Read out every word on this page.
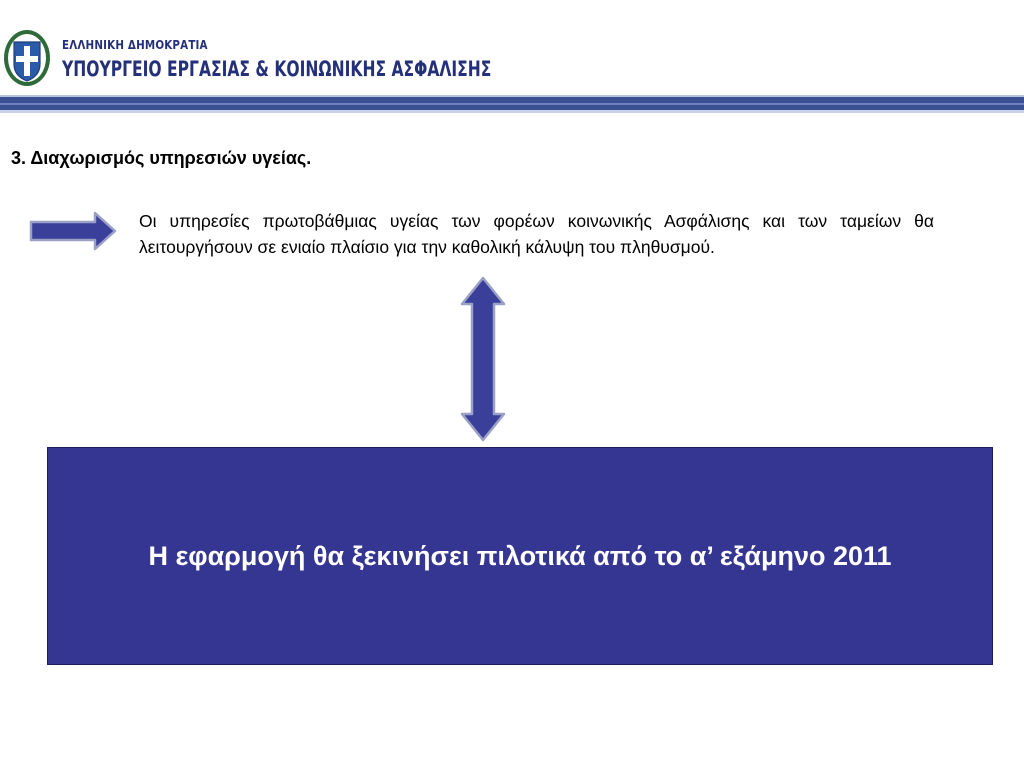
ΕΛΛΗΝΙΚΗ ΔΗΜΟΚΡΑΤΙΑ
ΥΠΟΥΡΓΕΙΟ ΕΡΓΑΣΙΑΣ & ΚΟΙΝΩΝΙΚΗΣ ΑΣΦΑΛΙΣΗΣ
3. Διαχωρισμός υπηρεσιών υγείας.
Οι υπηρεσίες πρωτοβάθμιας υγείας των φορέων κοινωνικής Ασφάλισης και των ταμείων θα λειτουργήσουν σε ενιαίο πλαίσιο για την καθολική κάλυψη του πληθυσμού.
Η εφαρμογή θα ξεκινήσει πιλοτικά από το α’ εξάμηνο 2011
